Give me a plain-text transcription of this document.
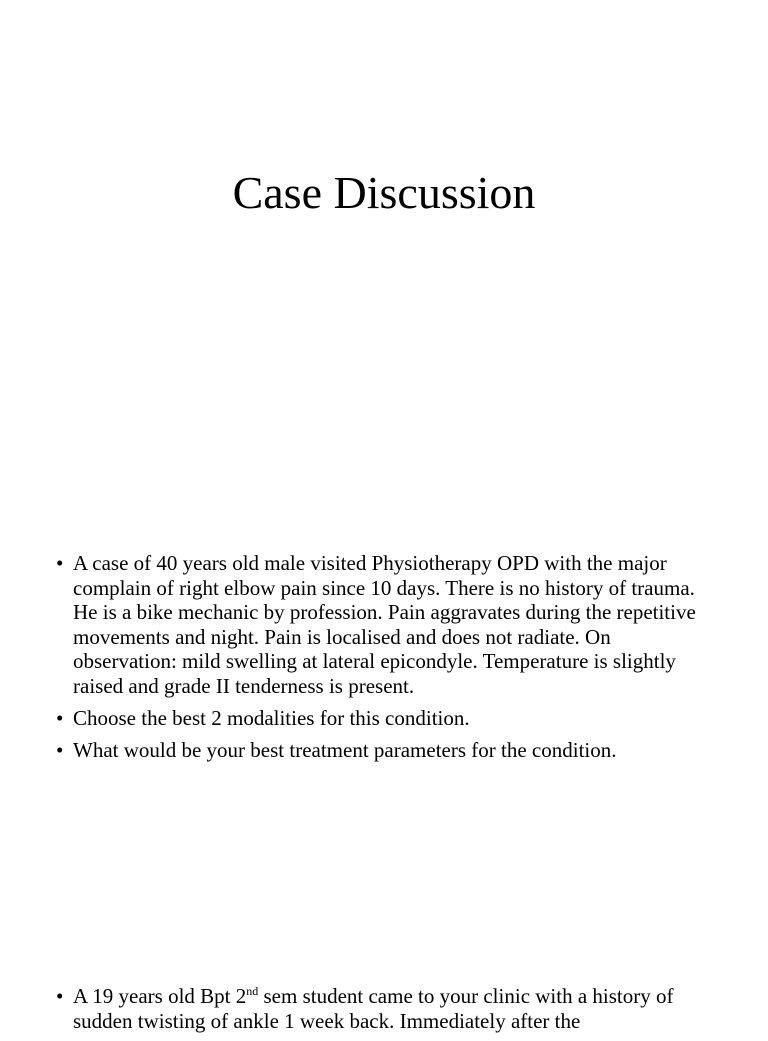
Case Discussion
• A case of 40 years old male visited Physiotherapy OPD with the major complain of right elbow pain since 10 days. There is no history of trauma. He is a bike mechanic by profession. Pain aggravates during the repetitive movements and night. Pain is localised and does not radiate. On observation: mild swelling at lateral epicondyle. Temperature is slightly raised and grade II tenderness is present.
• Choose the best 2 modalities for this condition.
• What would be your best treatment parameters for the condition.
• A 19 years old Bpt 2nd sem student came to your clinic with a history of sudden twisting of ankle 1 week back. Immediately after the
